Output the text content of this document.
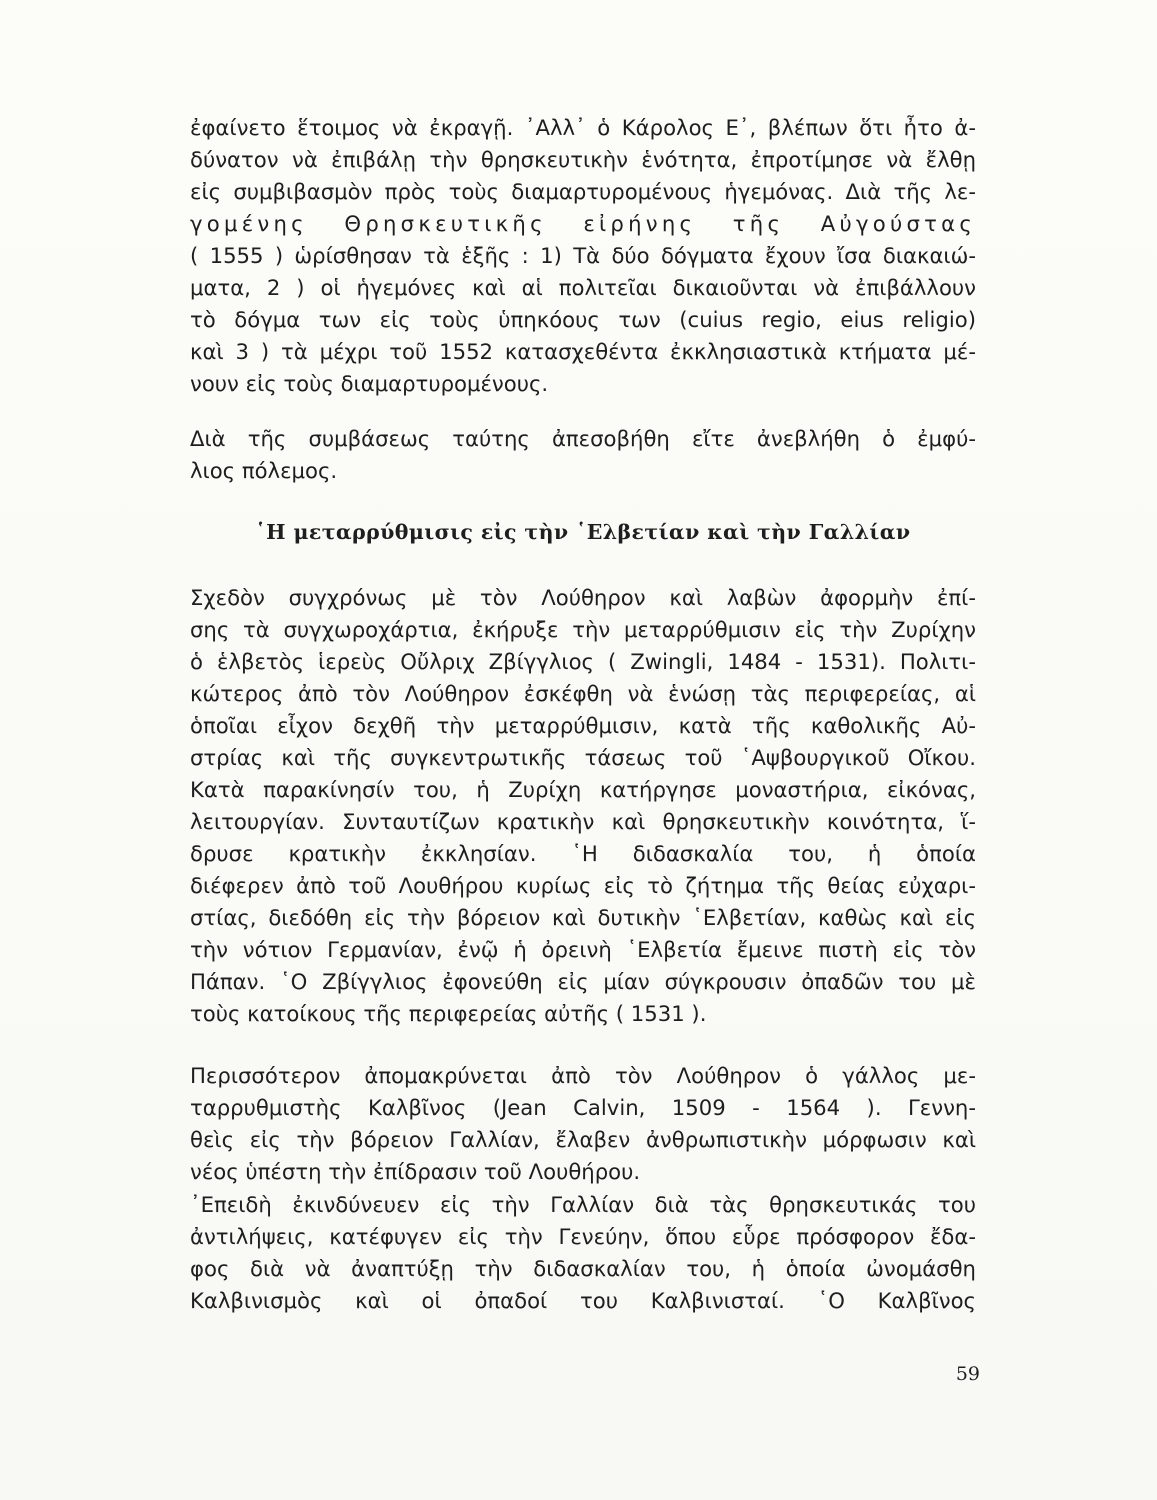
ἐφαίνετο ἕτοιμος νὰ ἐκραγῇ. ᾿Αλλ᾿ ὁ Κάρολος Ε᾿, βλέπων ὅτι ἦτο ἀ-
δύνατον νὰ ἐπιβάλῃ τὴν θρησκευτικὴν ἑνότητα, ἐπροτίμησε νὰ ἔλθῃ
εἰς συμβιβασμὸν πρὸς τοὺς διαμαρτυρομένους ἡγεμόνας. Διὰ τῆς λε-
γομένης Θρησκευτικῆς εἰρήνης τῆς Αὐγούστας
( 1555 ) ὡρίσθησαν τὰ ἑξῆς : 1) Τὰ δύο δόγματα ἔχουν ἴσα διακαιώ-
ματα, 2 ) οἱ ἡγεμόνες καὶ αἱ πολιτεῖαι δικαιοῦνται νὰ ἐπιβάλλουν
τὸ δόγμα των εἰς τοὺς ὑπηκόους των (cuius regio, eius religio)
καὶ 3 ) τὰ μέχρι τοῦ 1552 κατασχεθέντα ἐκκλησιαστικὰ κτήματα μέ-
νουν εἰς τοὺς διαμαρτυρομένους.
Διὰ τῆς συμβάσεως ταύτης ἀπεσοβήθη εἴτε ἀνεβλήθη ὁ ἐμφύ-
λιος πόλεμος.
῾Η μεταρρύθμισις εἰς τὴν ῾Ελβετίαν καὶ τὴν Γαλλίαν
Σχεδὸν συγχρόνως μὲ τὸν Λούθηρον καὶ λαβὼν ἀφορμὴν ἐπί-
σης τὰ συγχωροχάρτια, ἐκήρυξε τὴν μεταρρύθμισιν εἰς τὴν Ζυρίχην
ὁ ἑλβετὸς ἱερεὺς Οὔλριχ Ζβίγγλιος ( Zwingli, 1484 - 1531). Πολιτι-
κώτερος ἀπὸ τὸν Λούθηρον ἐσκέφθη νὰ ἑνώσῃ τὰς περιφερείας, αἱ
ὁποῖαι εἶχον δεχθῆ τὴν μεταρρύθμισιν, κατὰ τῆς καθολικῆς Αὐ-
στρίας καὶ τῆς συγκεντρωτικῆς τάσεως τοῦ ῾Αψβουργικοῦ Οἴκου.
Κατὰ παρακίνησίν του, ἡ Ζυρίχη κατήργησε μοναστήρια, εἰκόνας,
λειτουργίαν. Συνταυτίζων κρατικὴν καὶ θρησκευτικὴν κοινότητα, ἵ-
δρυσε κρατικὴν ἐκκλησίαν. ῾Η διδασκαλία του, ἡ ὁποία
διέφερεν ἀπὸ τοῦ Λουθήρου κυρίως εἰς τὸ ζήτημα τῆς θείας εὐχαρι-
στίας, διεδόθη εἰς τὴν βόρειον καὶ δυτικὴν ῾Ελβετίαν, καθὼς καὶ εἰς
τὴν νότιον Γερμανίαν, ἐνῷ ἡ ὀρεινὴ ῾Ελβετία ἔμεινε πιστὴ εἰς τὸν
Πάπαν. ῾Ο Ζβίγγλιος ἐφονεύθη εἰς μίαν σύγκρουσιν ὀπαδῶν του μὲ
τοὺς κατοίκους τῆς περιφερείας αὐτῆς ( 1531 ).
Περισσότερον ἀπομακρύνεται ἀπὸ τὸν Λούθηρον ὁ γάλλος με-
ταρρυθμιστὴς Καλβῖνος (Jean Calvin, 1509 - 1564 ). Γεννη-
θεὶς εἰς τὴν βόρειον Γαλλίαν, ἔλαβεν ἀνθρωπιστικὴν μόρφωσιν καὶ
νέος ὑπέστη τὴν ἐπίδρασιν τοῦ Λουθήρου.
᾿Επειδὴ ἐκινδύνευεν εἰς τὴν Γαλλίαν διὰ τὰς θρησκευτικάς του
ἀντιλήψεις, κατέφυγεν εἰς τὴν Γενεύην, ὅπου εὗρε πρόσφορον ἔδα-
φος διὰ νὰ ἀναπτύξῃ τὴν διδασκαλίαν του, ἡ ὁποία ὠνομάσθη
Καλβινισμὸς καὶ οἱ ὀπαδοί του Καλβινισταί. ῾Ο Καλβῖνος
59
